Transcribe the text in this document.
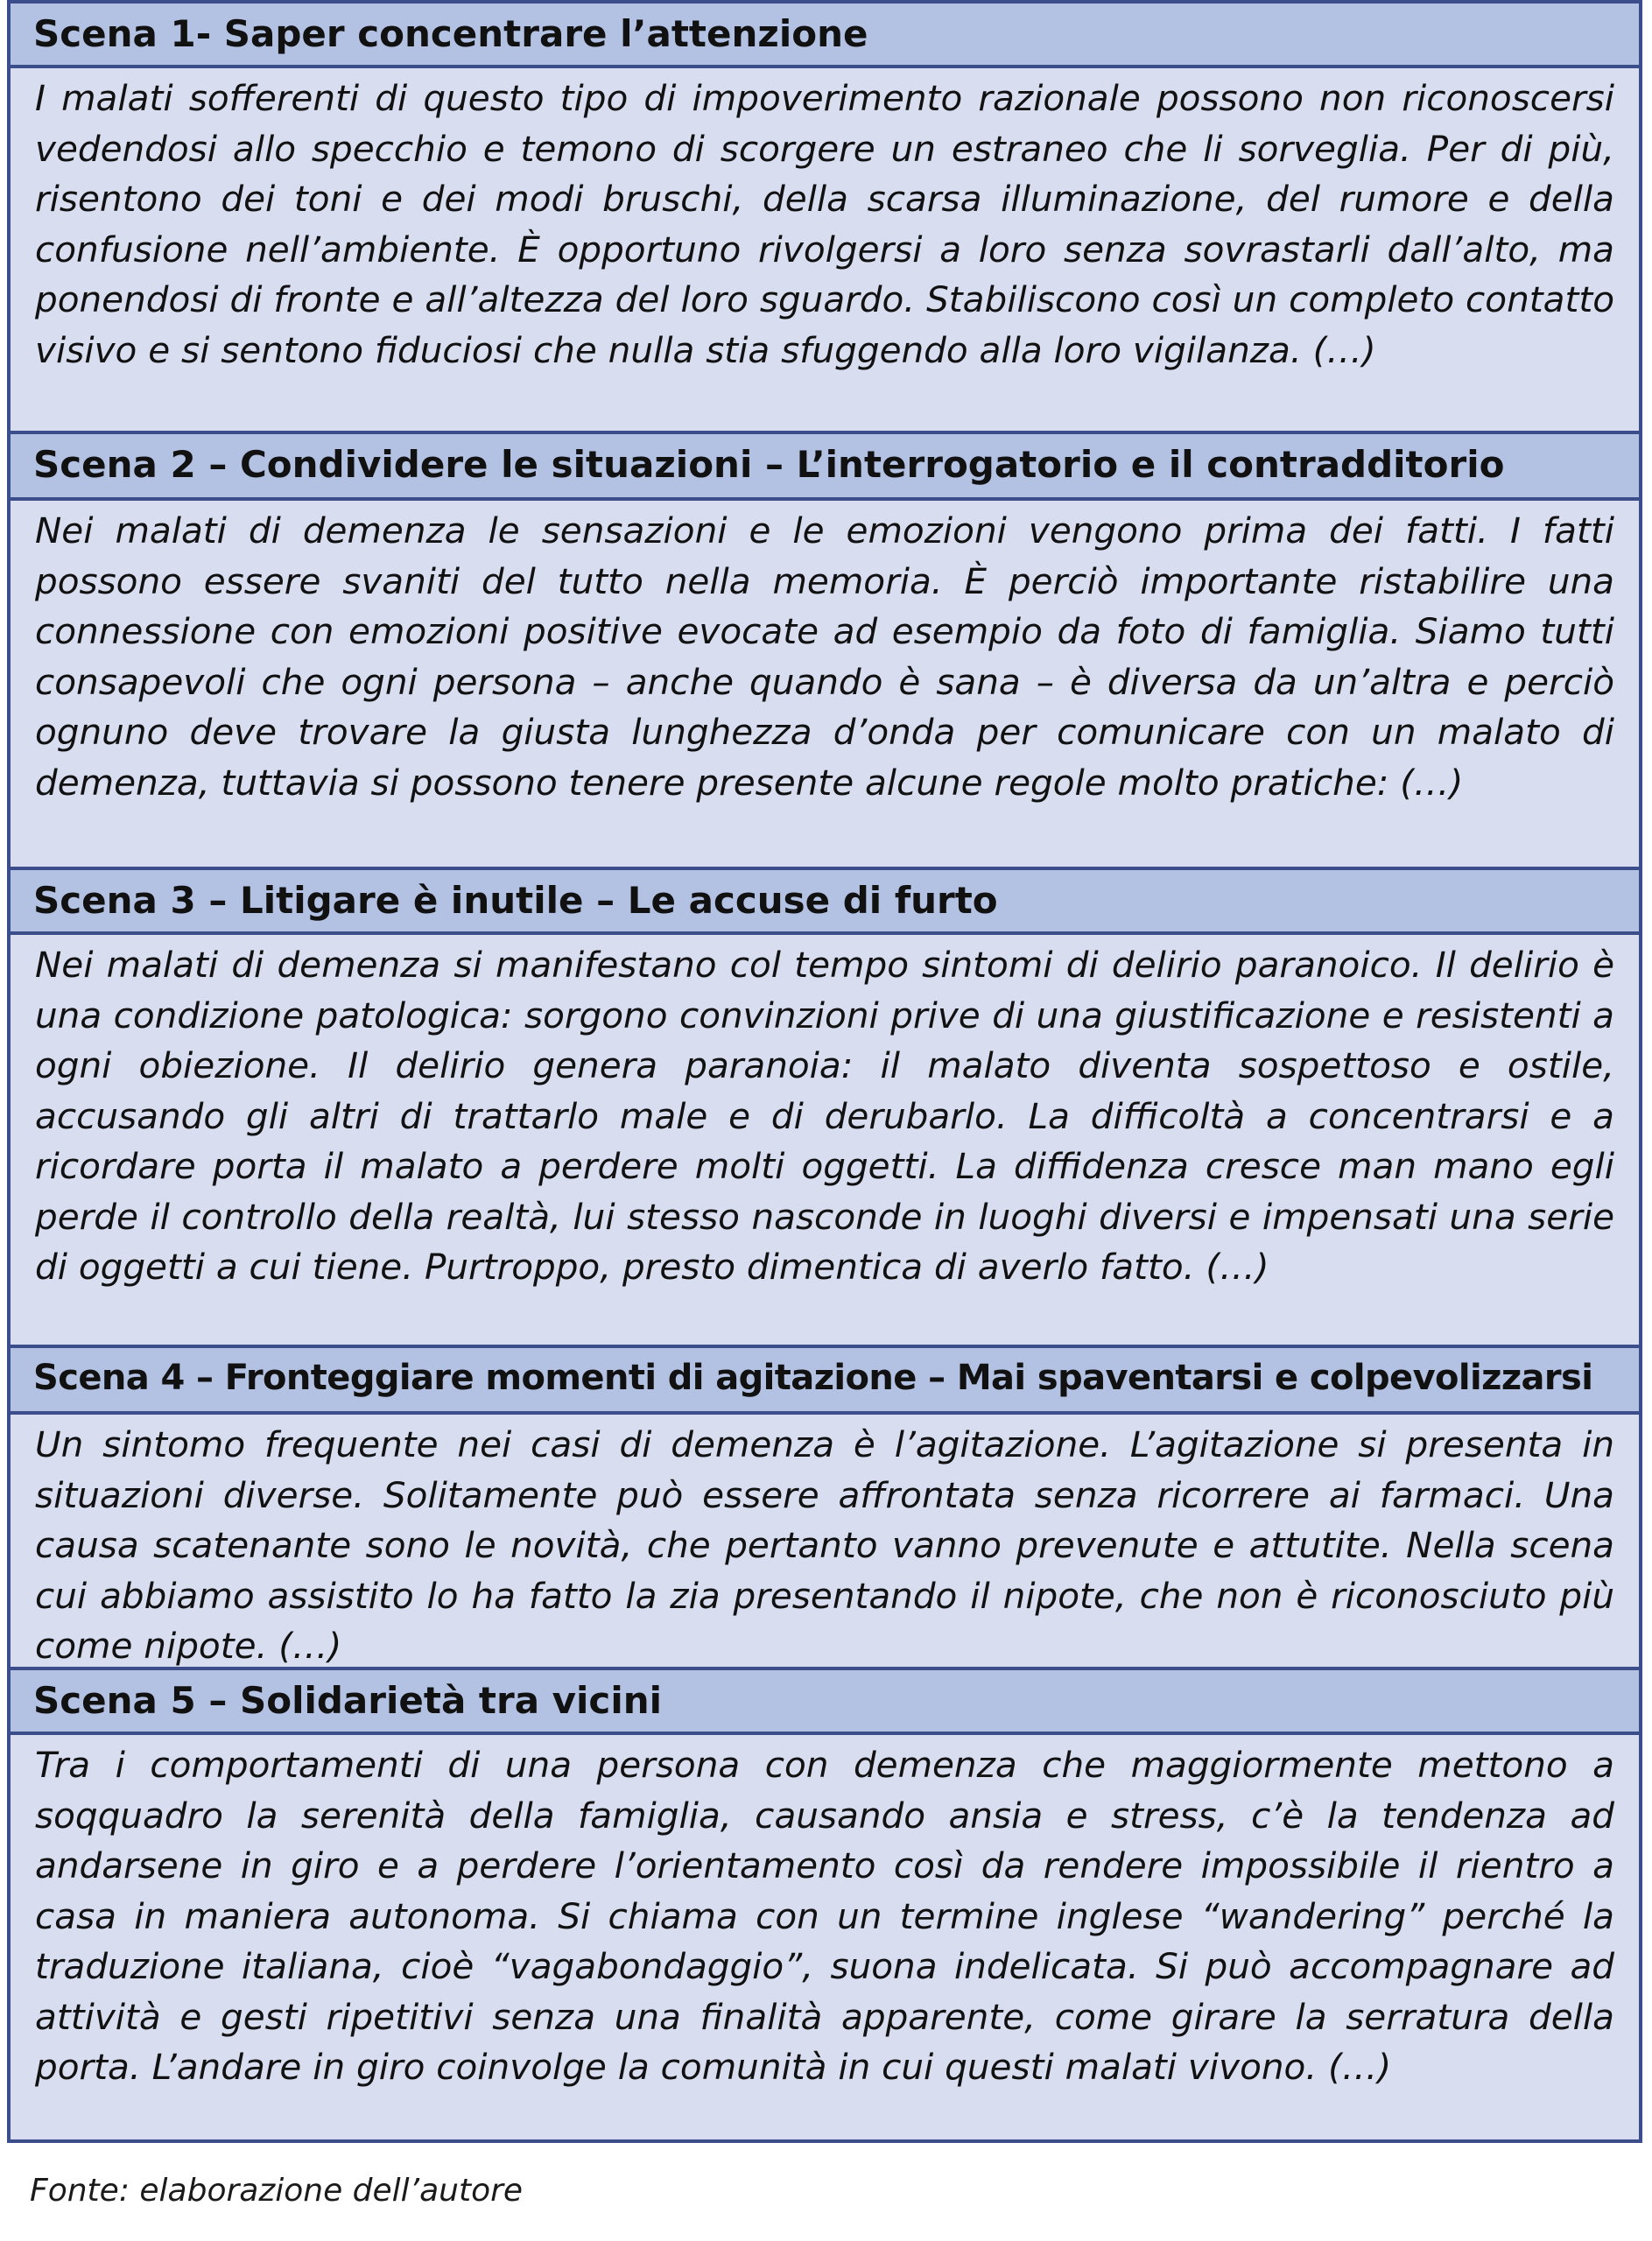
Scena 1- Saper concentrare l’attenzione
I malati sofferenti di questo tipo di impoverimento razionale possono non riconoscersi vedendosi allo specchio e temono di scorgere un estraneo che li sorveglia. Per di più, risentono dei toni e dei modi bruschi, della scarsa illuminazione, del rumore e della confusione nell’ambiente. È opportuno rivolgersi a loro senza sovrastarli dall’alto, ma ponendosi di fronte e all’altezza del loro sguardo. Stabiliscono così un completo contatto visivo e si sentono fiduciosi che nulla stia sfuggendo alla loro vigilanza. (…)
Scena 2 – Condividere le situazioni – L’interrogatorio e il contradditorio
Nei malati di demenza le sensazioni e le emozioni vengono prima dei fatti. I fatti possono essere svaniti del tutto nella memoria. È perciò importante ristabilire una connessione con emozioni positive evocate ad esempio da foto di famiglia. Siamo tutti consapevoli che ogni persona – anche quando è sana – è diversa da un’altra e perciò ognuno deve trovare la giusta lunghezza d’onda per comunicare con un malato di demenza, tuttavia si possono tenere presente alcune regole molto pratiche: (…)
Scena 3 – Litigare è inutile – Le accuse di furto
Nei malati di demenza si manifestano col tempo sintomi di delirio paranoico. Il delirio è una condizione patologica: sorgono convinzioni prive di una giustificazione e resistenti a ogni obiezione. Il delirio genera paranoia: il malato diventa sospettoso e ostile, accusando gli altri di trattarlo male e di derubarlo. La difficoltà a concentrarsi e a ricordare porta il malato a perdere molti oggetti. La diffidenza cresce man mano egli perde il controllo della realtà, lui stesso nasconde in luoghi diversi e impensati una serie di oggetti a cui tiene. Purtroppo, presto dimentica di averlo fatto. (…)
Scena 4 – Fronteggiare momenti di agitazione – Mai spaventarsi e colpevolizzarsi
Un sintomo frequente nei casi di demenza è l’agitazione. L’agitazione si presenta in situazioni diverse. Solitamente può essere affrontata senza ricorrere ai farmaci. Una causa scatenante sono le novità, che pertanto vanno prevenute e attutite. Nella scena cui abbiamo assistito lo ha fatto la zia presentando il nipote, che non è riconosciuto più come nipote. (…)
Scena 5 – Solidarietà tra vicini
Tra i comportamenti di una persona con demenza che maggiormente mettono a soqquadro la serenità della famiglia, causando ansia e stress, c’è la tendenza ad andarsene in giro e a perdere l’orientamento così da rendere impossibile il rientro a casa in maniera autonoma. Si chiama con un termine inglese “wandering” perché la traduzione italiana, cioè “vagabondaggio”, suona indelicata. Si può accompagnare ad attività e gesti ripetitivi senza una finalità apparente, come girare la serratura della porta. L’andare in giro coinvolge la comunità in cui questi malati vivono. (…)
Fonte: elaborazione dell’autore
